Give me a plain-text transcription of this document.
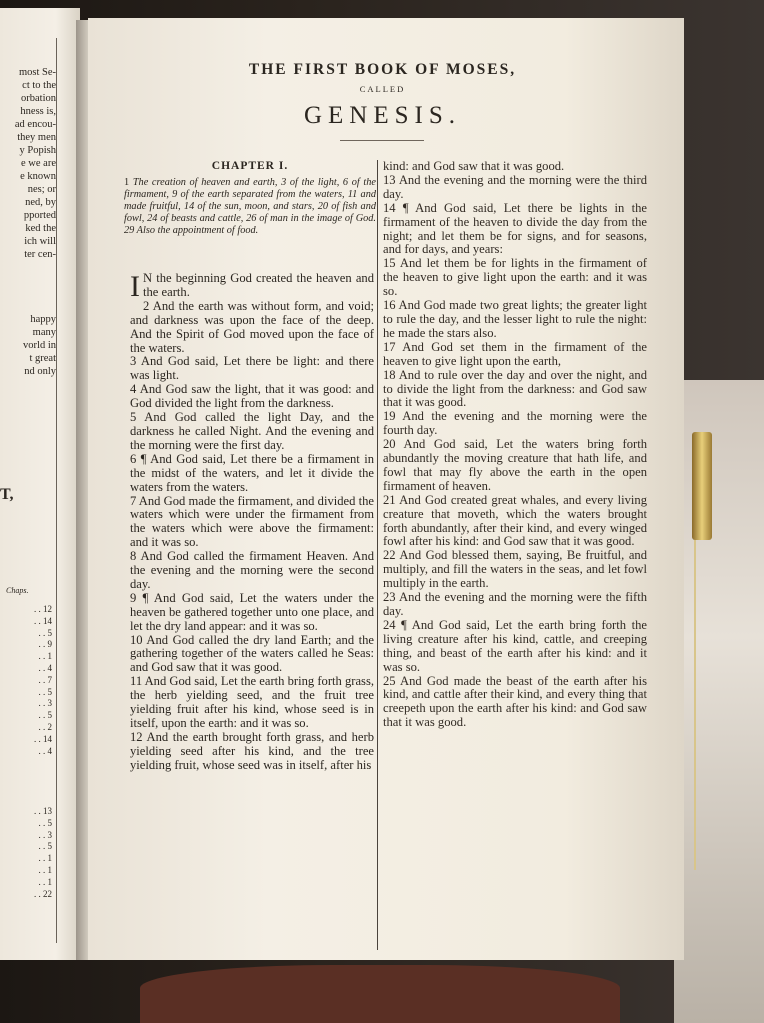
most Se-
ct to the
orbation
hness is,
ad encou-
they men
y Popish
e we are
e known
nes; or
ned, by
pported
ked the
ich will
ter cen-
happy
many
vorld in
t great
nd only
T,
Chaps.
. . 12
. . 14
. . 5
. . 9
. . 1
. . 4
. . 7
. . 5
. . 3
. . 5
. . 2
. . 14
. . 4
. . 13
. . 5
. . 3
. . 5
. . 1
. . 1
. . 1
. . 22
THE FIRST BOOK OF MOSES,
CALLED
GENESIS.
CHAPTER I.
1 The creation of heaven and earth, 3 of the light, 6 of the firmament, 9 of the earth separated from the waters, 11 and made fruitful, 14 of the sun, moon, and stars, 20 of fish and fowl, 24 of beasts and cattle, 26 of man in the image of God. 29 Also the appointment of food.

I N the beginning God created the heaven and the earth.

2 And the earth was without form, and void; and darkness was upon the face of the deep. And the Spirit of God moved upon the face of the waters.

3 And God said, Let there be light: and there was light.

4 And God saw the light, that it was good: and God divided the light from the darkness.

5 And God called the light Day, and the darkness he called Night. And the evening and the morning were the first day.

6 ¶ And God said, Let there be a firmament in the midst of the waters, and let it divide the waters from the waters.

7 And God made the firmament, and divided the waters which were under the firmament from the waters which were above the firmament: and it was so.

8 And God called the firmament Heaven. And the evening and the morning were the second day.

9 ¶ And God said, Let the waters under the heaven be gathered together unto one place, and let the dry land appear: and it was so.

10 And God called the dry land Earth; and the gathering together of the waters called he Seas: and God saw that it was good.

11 And God said, Let the earth bring forth grass, the herb yielding seed, and the fruit tree yielding fruit after his kind, whose seed is in itself, upon the earth: and it was so.

12 And the earth brought forth grass, and herb yielding seed after his kind, and the tree yielding fruit, whose seed was in itself, after his

kind: and God saw that it was good.

13 And the evening and the morning were the third day.

14 ¶ And God said, Let there be lights in the firmament of the heaven to divide the day from the night; and let them be for signs, and for seasons, and for days, and years:

15 And let them be for lights in the firmament of the heaven to give light upon the earth: and it was so.

16 And God made two great lights; the greater light to rule the day, and the lesser light to rule the night: he made the stars also.

17 And God set them in the firmament of the heaven to give light upon the earth,

18 And to rule over the day and over the night, and to divide the light from the darkness: and God saw that it was good.

19 And the evening and the morning were the fourth day.

20 And God said, Let the waters bring forth abundantly the moving creature that hath life, and fowl that may fly above the earth in the open firmament of heaven.

21 And God created great whales, and every living creature that moveth, which the waters brought forth abundantly, after their kind, and every winged fowl after his kind: and God saw that it was good.

22 And God blessed them, saying, Be fruitful, and multiply, and fill the waters in the seas, and let fowl multiply in the earth.

23 And the evening and the morning were the fifth day.

24 ¶ And God said, Let the earth bring forth the living creature after his kind, cattle, and creeping thing, and beast of the earth after his kind: and it was so.

25 And God made the beast of the earth after his kind, and cattle after their kind, and every thing that creepeth upon the earth after his kind: and God saw that it was good.
